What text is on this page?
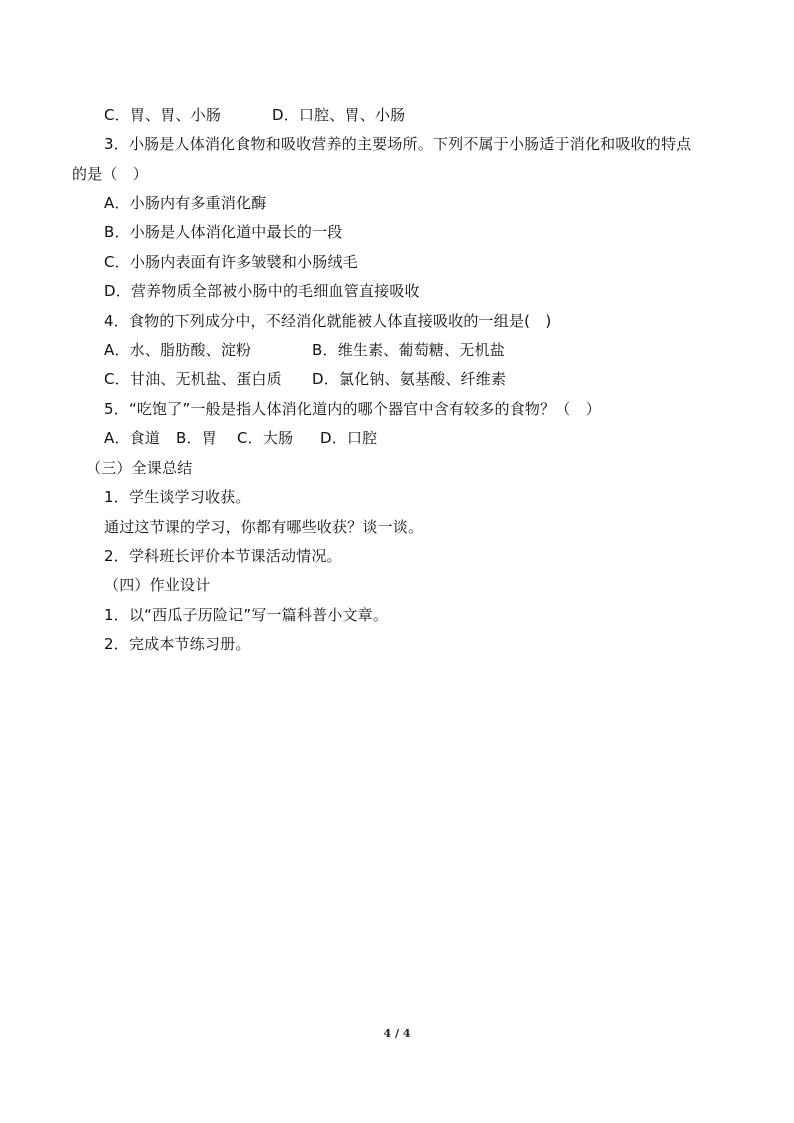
C．胃、胃、小肠	D．口腔、胃、小肠
3．小肠是人体消化食物和吸收营养的主要场所。下列不属于小肠适于消化和吸收的特点
的是（　）
A．小肠内有多重消化酶
B．小肠是人体消化道中最长的一段
C．小肠内表面有许多皱襞和小肠绒毛
D．营养物质全部被小肠中的毛细血管直接吸收
4．食物的下列成分中，不经消化就能被人体直接吸收的一组是(　)
A．水、脂肪酸、淀粉	B．维生素、葡萄糖、无机盐
C．甘油、无机盐、蛋白质 D．氯化钠、氨基酸、纤维素
5．“吃饱了”一般是指人体消化道内的哪个器官中含有较多的食物？（　）
A．食道 B．胃 C．大肠 D．口腔
（三）全课总结
1．学生谈学习收获。
通过这节课的学习，你都有哪些收获？谈一谈。
2．学科班长评价本节课活动情况。
（四）作业设计
1．以“西瓜子历险记”写一篇科普小文章。
2．完成本节练习册。
4 / 4
